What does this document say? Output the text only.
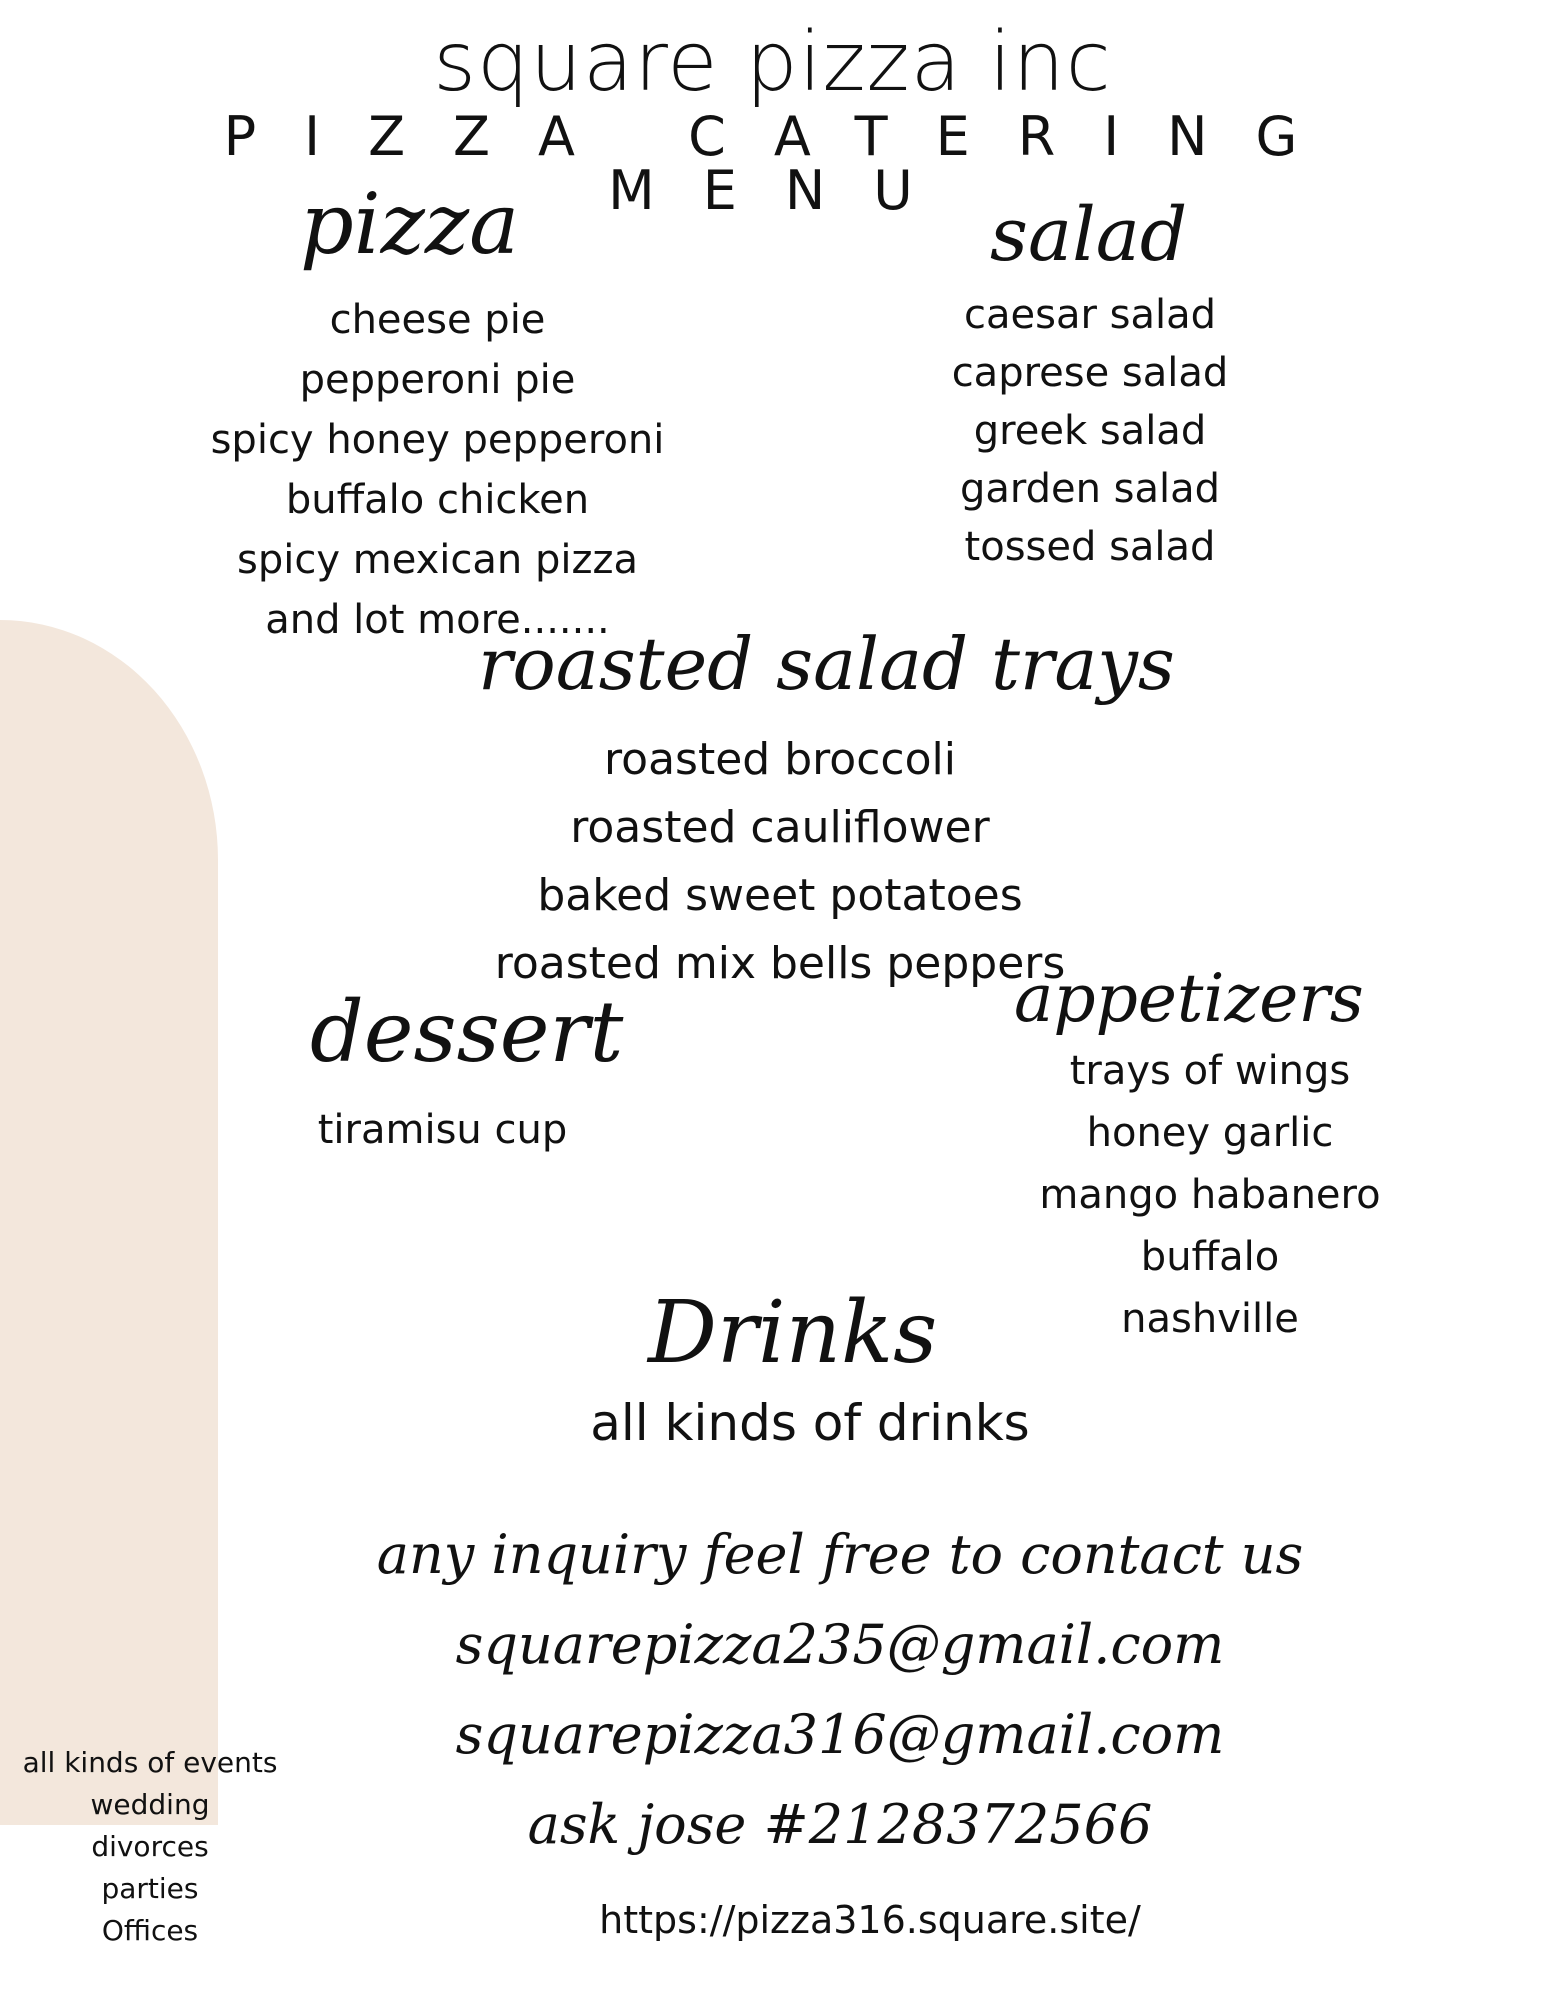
square pizza inc
PIZZA CATERING MENU
pizza
cheese pie
pepperoni pie
spicy honey pepperoni
buffalo chicken
spicy mexican pizza
and lot more.......
salad
caesar salad
caprese salad
greek salad
garden salad
tossed salad
roasted salad trays
roasted broccoli
roasted cauliflower
baked sweet potatoes
roasted mix bells peppers
dessert
tiramisu cup
appetizers
trays of wings
honey garlic
mango habanero
buffalo
nashville
Drinks
all kinds of drinks
any inquiry feel free to contact us
squarepizza235@gmail.com
squarepizza316@gmail.com
ask jose #2128372566
https://pizza316.square.site/
all kinds of events
wedding
divorces
parties
Offices
